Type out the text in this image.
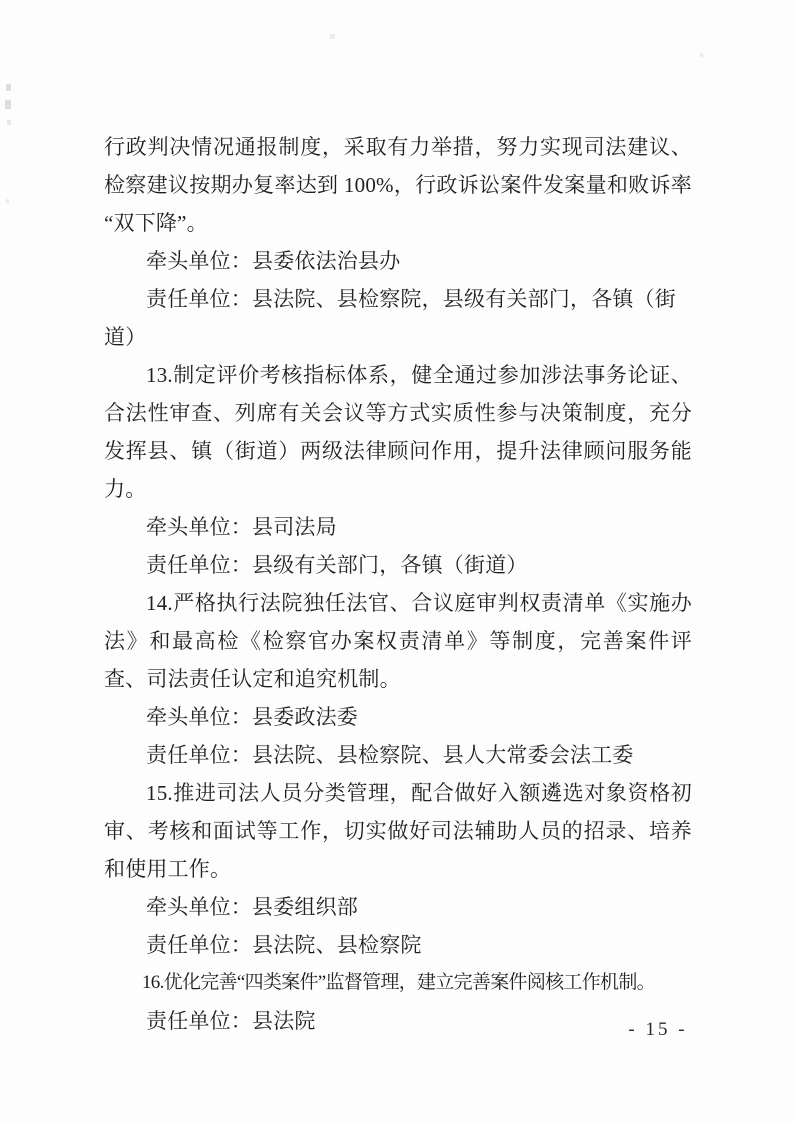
行政判决情况通报制度，采取有力举措，努力实现司法建议、检察建议按期办复率达到 100%，行政诉讼案件发案量和败诉率“双下降”。

牵头单位：县委依法治县办

责任单位：县法院、县检察院，县级有关部门，各镇（街道）

13.制定评价考核指标体系，健全通过参加涉法事务论证、合法性审查、列席有关会议等方式实质性参与决策制度，充分发挥县、镇（街道）两级法律顾问作用，提升法律顾问服务能力。

牵头单位：县司法局

责任单位：县级有关部门，各镇（街道）

14.严格执行法院独任法官、合议庭审判权责清单《实施办法》和最高检《检察官办案权责清单》等制度，完善案件评查、司法责任认定和追究机制。

牵头单位：县委政法委

责任单位：县法院、县检察院、县人大常委会法工委

15.推进司法人员分类管理，配合做好入额遴选对象资格初审、考核和面试等工作，切实做好司法辅助人员的招录、培养和使用工作。

牵头单位：县委组织部

责任单位：县法院、县检察院

16.优化完善“四类案件”监督管理，建立完善案件阅核工作机制。

责任单位：县法院	- 15 -
